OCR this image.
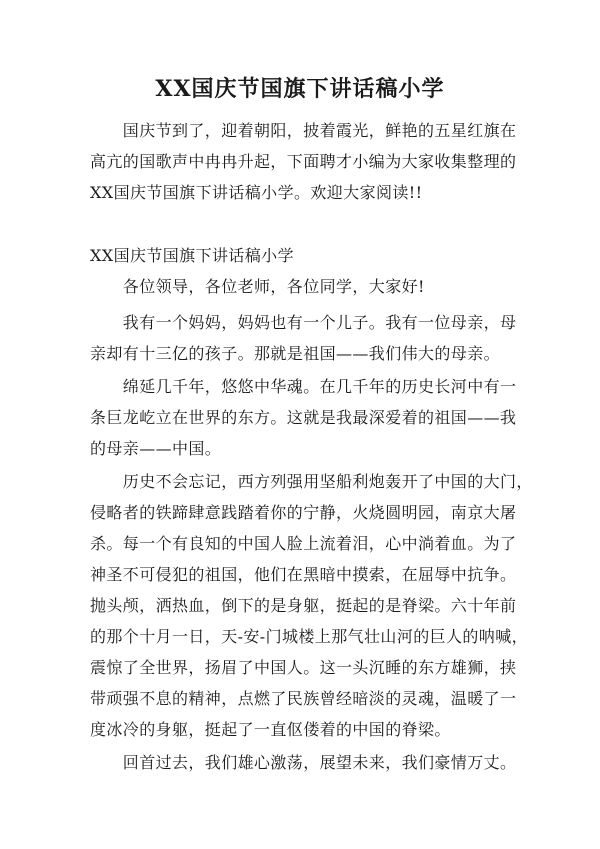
XX国庆节国旗下讲话稿小学
　　国庆节到了，迎着朝阳，披着霞光，鲜艳的五星红旗在
高亢的国歌声中冉冉升起，下面聘才小编为大家收集整理的
XX国庆节国旗下讲话稿小学。欢迎大家阅读!!
XX国庆节国旗下讲话稿小学
　　各位领导，各位老师，各位同学，大家好!
　　我有一个妈妈，妈妈也有一个儿子。我有一位母亲，母
亲却有十三亿的孩子。那就是祖国——我们伟大的母亲。
　　绵延几千年，悠悠中华魂。在几千年的历史长河中有一
条巨龙屹立在世界的东方。这就是我最深爱着的祖国——我
的母亲——中国。
　　历史不会忘记，西方列强用坚船利炮轰开了中国的大门，
侵略者的铁蹄肆意践踏着你的宁静，火烧圆明园，南京大屠
杀。每一个有良知的中国人脸上流着泪，心中淌着血。为了
神圣不可侵犯的祖国，他们在黑暗中摸索，在屈辱中抗争。
抛头颅，洒热血，倒下的是身躯，挺起的是脊梁。六十年前
的那个十月一日，天-安-门城楼上那气壮山河的巨人的呐喊，
震惊了全世界，扬眉了中国人。这一头沉睡的东方雄狮，挟
带顽强不息的精神，点燃了民族曾经暗淡的灵魂，温暖了一
度冰冷的身躯，挺起了一直伛偻着的中国的脊梁。
　　回首过去，我们雄心激荡，展望未来，我们豪情万丈。
